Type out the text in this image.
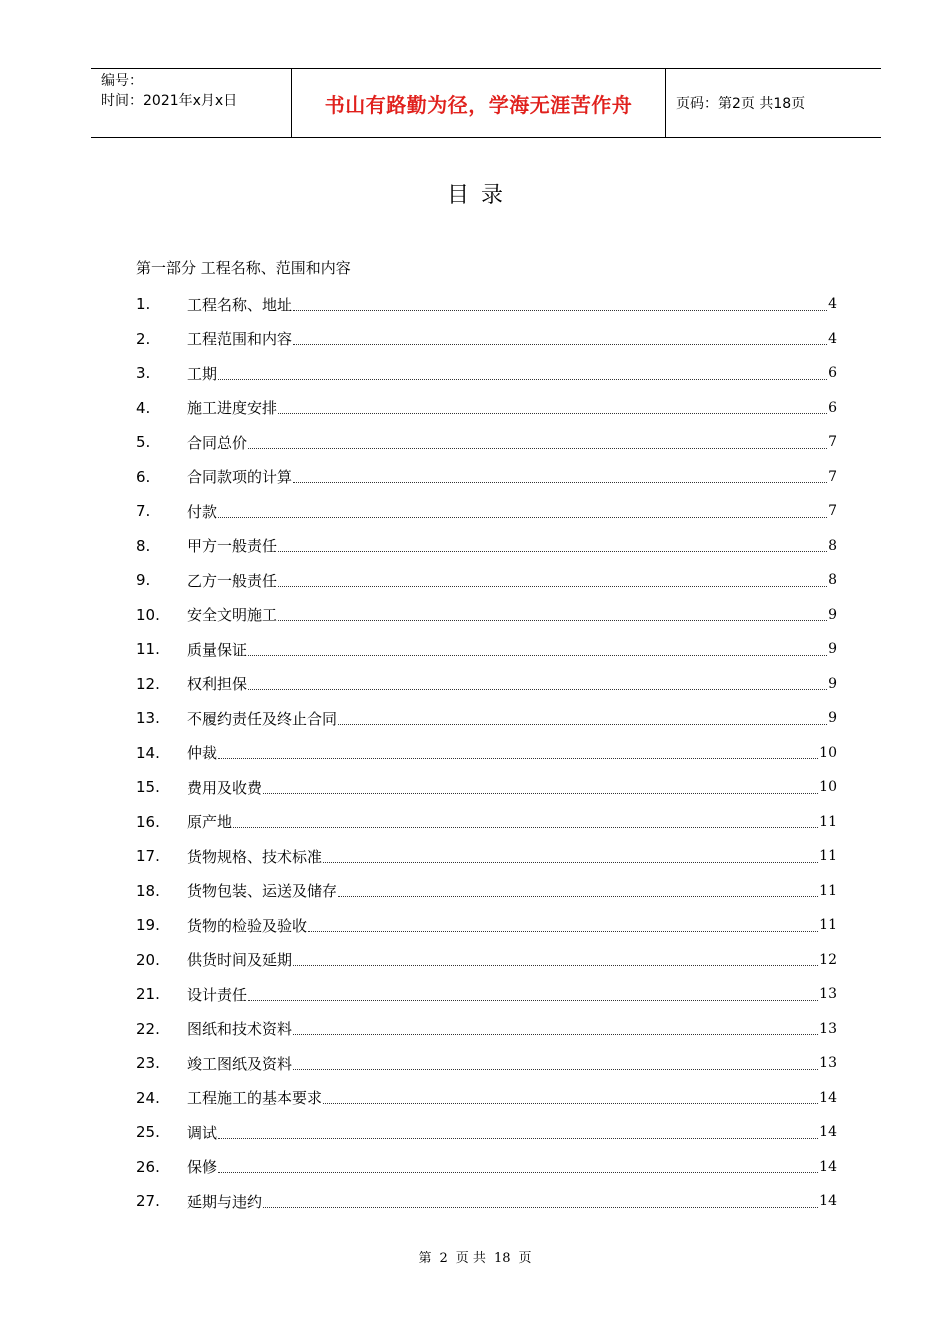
编号：
时间：2021年x月x日	书山有路勤为径，学海无涯苦作舟	页码：第2页 共18页
目录
第一部分 工程名称、范围和内容
1.	工程名称、地址	4
2.	工程范围和内容	4
3.	工期	6
4.	施工进度安排	6
5.	合同总价	7
6.	合同款项的计算	7
7.	付款	7
8.	甲方一般责任	8
9.	乙方一般责任	8
10.	安全文明施工	9
11.	质量保证	9
12.	权利担保	9
13.	不履约责任及终止合同	9
14.	仲裁	10
15.	费用及收费	10
16.	原产地	11
17.	货物规格、技术标准	11
18.	货物包装、运送及储存	11
19.	货物的检验及验收	11
20.	供货时间及延期	12
21.	设计责任	13
22.	图纸和技术资料	13
23.	竣工图纸及资料	13
24.	工程施工的基本要求	14
25.	调试	14
26.	保修	14
27.	延期与违约	14
第 2 页 共 18 页
